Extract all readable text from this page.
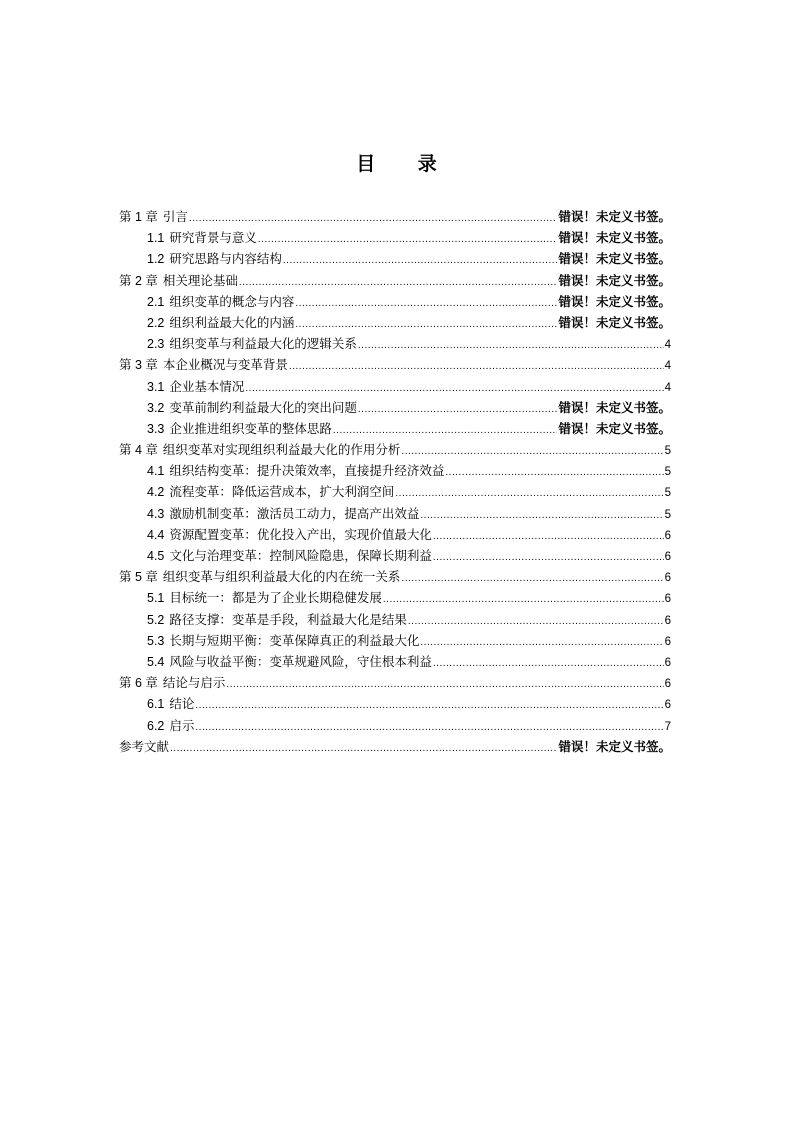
目 录
第 1 章 引言 .....	错误！未定义书签。
1.1 研究背景与意义 .....	错误！未定义书签。
1.2 研究思路与内容结构 .....	错误！未定义书签。
第 2 章 相关理论基础 .....	错误！未定义书签。
2.1 组织变革的概念与内容 .....	错误！未定义书签。
2.2 组织利益最大化的内涵 .....	错误！未定义书签。
2.3 组织变革与利益最大化的逻辑关系 .....	4
第 3 章 本企业概况与变革背景 .....	4
3.1 企业基本情况 .....	4
3.2 变革前制约利益最大化的突出问题 .....	错误！未定义书签。
3.3 企业推进组织变革的整体思路 .....	错误！未定义书签。
第 4 章 组织变革对实现组织利益最大化的作用分析 .....	5
4.1 组织结构变革：提升决策效率，直接提升经济效益 .....	5
4.2 流程变革：降低运营成本，扩大利润空间 .....	5
4.3 激励机制变革：激活员工动力，提高产出效益 .....	5
4.4 资源配置变革：优化投入产出，实现价值最大化 .....	6
4.5 文化与治理变革：控制风险隐患，保障长期利益 .....	6
第 5 章 组织变革与组织利益最大化的内在统一关系 .....	6
5.1 目标统一：都是为了企业长期稳健发展 .....	6
5.2 路径支撑：变革是手段，利益最大化是结果 .....	6
5.3 长期与短期平衡：变革保障真正的利益最大化 .....	6
5.4 风险与收益平衡：变革规避风险，守住根本利益 .....	6
第 6 章 结论与启示 .....	6
6.1 结论 .....	6
6.2 启示 .....	7
参考文献 .....	错误！未定义书签。
